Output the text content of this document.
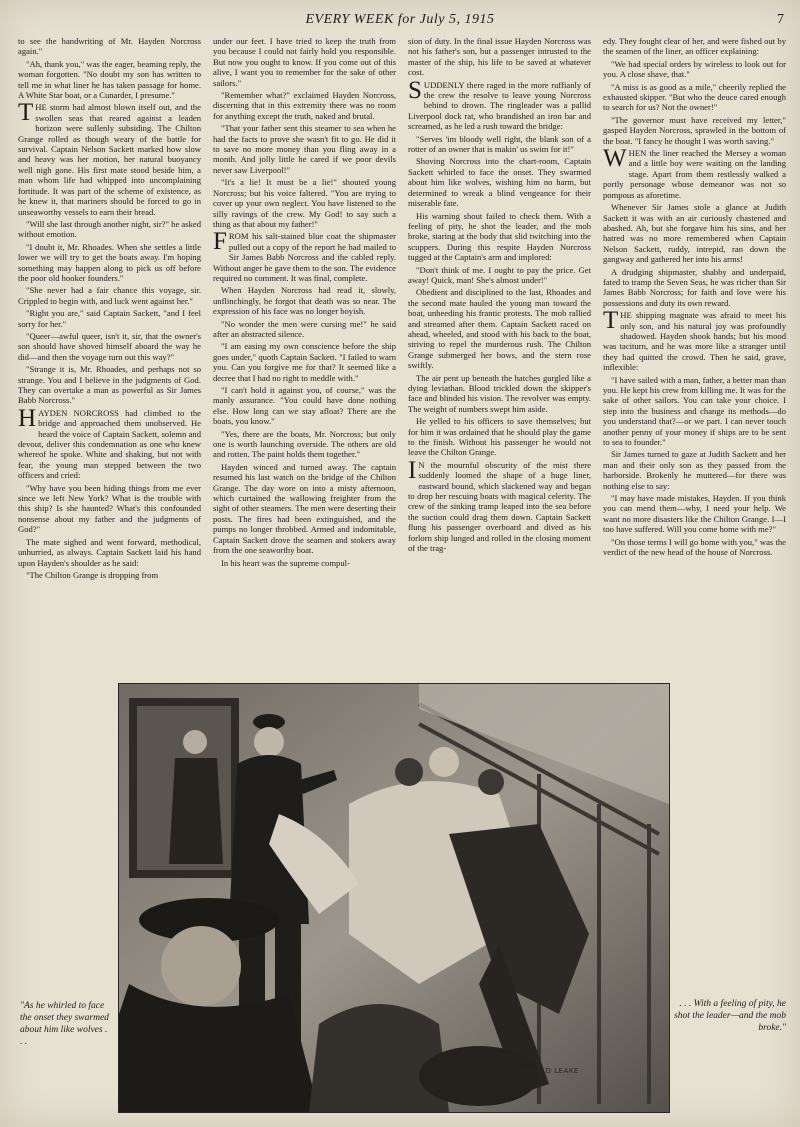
EVERY WEEK for July 5, 1915	7

to see the handwriting of Mr. Hayden Norcross again."

"Ah, thank you," was the eager, beaming reply, the woman forgotten. "No doubt my son has written to tell me in what liner he has taken passage for home. A White Star boat, or a Cunarder, I presume."

THE storm had almost blown itself out, and the swollen seas that reared against a leaden horizon were sullenly subsiding. The Chilton Grange rolled as though weary of the battle for survival. Captain Nelson Sackett marked how slow and heavy was her motion, her natural buoyancy well nigh gone. His first mate stood beside him, a man whom life had whipped into uncomplaining fortitude. It was part of the scheme of existence, as he knew it, that mariners should be forced to go in unseaworthy vessels to earn their bread.

"Will she last through another night, sir?" he asked without emotion.

"I doubt it, Mr. Rhoades. When she settles a little lower we will try to get the boats away. I'm hoping something may happen along to pick us off before the poor old hooker founders."

"She never had a fair chance this voyage, sir. Crippled to begin with, and luck went against her."

"Right you are," said Captain Sackett, "and I feel sorry for her."

"Queer—awful queer, isn't it, sir, that the owner's son should have shoved himself aboard the way he did—and then the voyage turn out this way?"

"Strange it is, Mr. Rhoades, and perhaps not so strange. You and I believe in the judgments of God. They can overtake a man as powerful as Sir James Babb Norcross."

HAYDEN NORCROSS had climbed to the bridge and approached them unobserved. He heard the voice of Captain Sackett, solemn and devout, deliver this condemnation as one who knew whereof he spoke. White and shaking, but not with fear, the young man stepped between the two officers and cried:

"Why have you been hiding things from me ever since we left New York? What is the trouble with this ship? Is she haunted? What's this confounded nonsense about my father and the judgments of God?"

The mate sighed and went forward, methodical, unhurried, as always. Captain Sackett laid his hand upon Hayden's shoulder as he said:

"The Chilton Grange is dropping from

under our feet. I have tried to keep the truth from you because I could not fairly hold you responsible. But now you ought to know. If you come out of this alive, I want you to remember for the sake of other sailors."

"Remember what?" exclaimed Hayden Norcross, discerning that in this extremity there was no room for anything except the truth, naked and brutal.

"That your father sent this steamer to sea when he had the facts to prove she wasn't fit to go. He did it to save no more money than you fling away in a month. And jolly little he cared if we poor devils never saw Liverpool!"

"It's a lie! It must be a lie!" shouted young Norcross; but his voice faltered. "You are trying to cover up your own neglect. You have listened to the silly ravings of the crew. My God! to say such a thing as that about my father!"

FROM his salt-stained blue coat the shipmaster pulled out a copy of the report he had mailed to Sir James Babb Norcross and the cabled reply. Without anger he gave them to the son. The evidence required no comment. It was final, complete.

When Hayden Norcross had read it, slowly, unflinchingly, he forgot that death was so near. The expression of his face was no longer boyish.

"No wonder the men were cursing me!" he said after an abstracted silence.

"I am easing my own conscience before the ship goes under," quoth Captain Sackett. "I failed to warn you. Can you forgive me for that? It seemed like a decree that I had no right to meddle with."

"I can't hold it against you, of course," was the manly assurance. "You could have done nothing else. How long can we stay afloat? There are the boats, you know."

"Yes, there are the boats, Mr. Norcross; but only one is worth launching overside. The others are old and rotten. The paint holds them together."

Hayden winced and turned away. The captain resumed his last watch on the bridge of the Chilton Grange. The day wore on into a misty afternoon, which curtained the wallowing freighter from the sight of other steamers. The men were deserting their posts. The fires had been extinguished, and the pumps no longer throbbed. Armed and indomitable, Captain Sackett drove the seamen and stokers away from the one seaworthy boat.

In his heart was the supreme compul-

sion of duty. In the final issue Hayden Norcross was not his father's son, but a passenger intrusted to the master of the ship, his life to be saved at whatever cost.

SUDDENLY there raged in the more ruffianly of the crew the resolve to leave young Norcross behind to drown. The ringleader was a pallid Liverpool dock rat, who brandished an iron bar and screamed, as he led a rush toward the bridge:

"Serves 'im bloody well right, the blank son of a rotter of an owner that is makin' us swim for it!"

Shoving Norcross into the chart-room, Captain Sackett whirled to face the onset. They swarmed about him like wolves, wishing him no harm, but determined to wreak a blind vengeance for their miserable fate.

His warning shout failed to check them. With a feeling of pity, he shot the leader, and the mob broke, staring at the body that slid twitching into the scuppers. During this respite Hayden Norcross tugged at the Captain's arm and implored:

"Don't think of me. I ought to pay the price. Get away! Quick, man! She's almost under!"

Obedient and disciplined to the last, Rhoades and the second mate hauled the young man toward the boat, unheeding his frantic protests. The mob rallied and streamed after them. Captain Sackett raced on ahead, wheeled, and stood with his back to the boat, striving to repel the murderous rush. The Chilton Grange submerged her bows, and the stern rose swiftly.

The air pent up beneath the hatches gurgled like a dying leviathan. Blood trickled down the skipper's face and blinded his vision. The revolver was empty. The weight of numbers swept him aside.

He yelled to his officers to save themselves; but for him it was ordained that he should play the game to the finish. Without his passenger he would not leave the Chilton Grange.

I N the mournful obscurity of the mist there suddenly loomed the shape of a huge liner, eastward bound, which slackened way and began to drop her rescuing boats with magical celerity. The crew of the sinking tramp leaped into the sea before the suction could drag them down. Captain Sackett flung his passenger overboard and dived as his forlorn ship lunged and rolled in the closing moment of the trag-

edy. They fought clear of her, and were fished out by the seamen of the liner, an officer explaining:

"We had special orders by wireless to look out for you. A close shave, that."

"A miss is as good as a mile," cheerily replied the exhausted skipper. "But who the deuce cared enough to search for us? Not the owner!"

"The governor must have received my letter," gasped Hayden Norcross, sprawled in the bottom of the boat. "I fancy he thought I was worth saving."

WHEN the liner reached the Mersey a woman and a little boy were waiting on the landing stage. Apart from them restlessly walked a portly personage whose demeanor was not so pompous as aforetime.

Whenever Sir James stole a glance at Judith Sackett it was with an air curiously chastened and abashed. Ah, but she forgave him his sins, and her hatred was no more remembered when Captain Nelson Sackett, ruddy, intrepid, ran down the gangway and gathered her into his arms!

A drudging shipmaster, shabby and underpaid, fated to tramp the Seven Seas, he was richer than Sir James Babb Norcross; for faith and love were his possessions and duty its own reward.

THE shipping magnate was afraid to meet his only son, and his natural joy was profoundly shadowed. Hayden shook hands; but his mood was taciturn, and he was more like a stranger until they had quitted the crowd. Then he said, grave, inflexible:

"I have sailed with a man, father, a better man than you. He kept his crew from killing me. It was for the sake of other sailors. You can take your choice. I step into the business and change its methods—do you understand that?—or we part. I can never touch another penny of your money if ships are to be sent to sea to founder."

Sir James turned to gaze at Judith Sackett and her man and their only son as they passed from the harborside. Brokenly he muttered—for there was nothing else to say:

"I may have made mistakes, Hayden. If you think you can mend them—why, I need your help. We want no more disasters like the Chilton Grange. I—I too have suffered. Will you come home with me?"

"On those terms I will go home with you," was the verdict of the new head of the house of Norcross.

"As he whirled to face the onset they swarmed about him like wolves . . .
GERALD LEAKE
. . . With a feeling of pity, he shot the leader—and the mob broke."
